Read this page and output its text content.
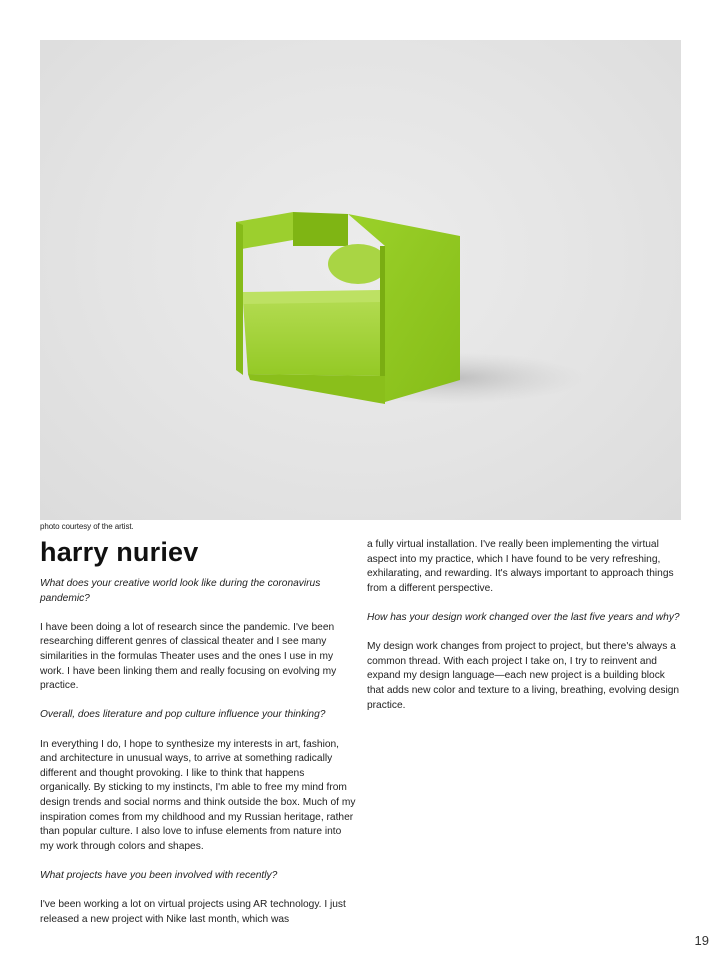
photo courtesy of the artist.
harry nuriev

What does your creative world look like during the coronavirus pandemic?

I have been doing a lot of research since the pandemic. I've been researching different genres of classical theater and I see many similarities in the formulas Theater uses and the ones I use in my work. I have been linking them and really focusing on evolving my practice.

Overall, does literature and pop culture influence your thinking?

In everything I do, I hope to synthesize my interests in art, fashion, and architecture in unusual ways, to arrive at something radically different and thought provoking. I like to think that happens organically. By sticking to my instincts, I'm able to free my mind from design trends and social norms and think outside the box. Much of my inspiration comes from my childhood and my Russian heritage, rather than popular culture. I also love to infuse elements from nature into my work through colors and shapes.

What projects have you been involved with recently?

I've been working a lot on virtual projects using AR technology. I just released a new project with Nike last month, which was

a fully virtual installation. I've really been implementing the virtual aspect into my practice, which I have found to be very refreshing, exhilarating, and rewarding. It's always important to approach things from a different perspective.

How has your design work changed over the last five years and why?

My design work changes from project to project, but there's always a common thread. With each project I take on, I try to reinvent and expand my design language—each new project is a building block that adds new color and texture to a living, breathing, evolving design practice.

19
